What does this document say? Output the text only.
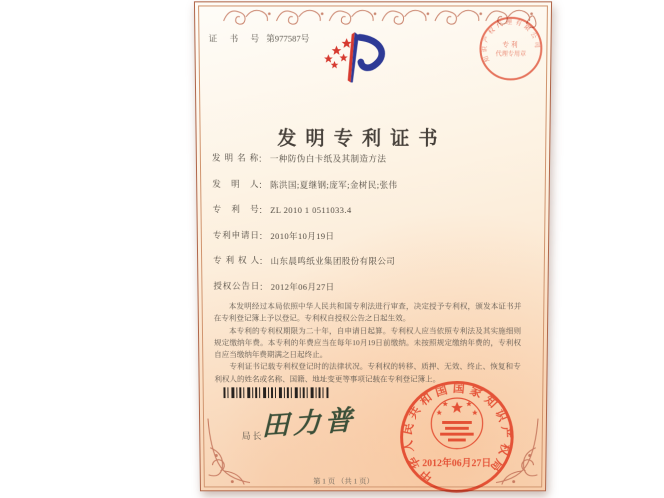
证 书 号 第977587号
发明专利证书
发明名称： 一种防伪白卡纸及其制造方法
发明人： 陈洪国;夏继钢;庞军;金树民;张伟
专利号： ZL 2010 1 0511033.4
专利申请日： 2010年10月19日
专利权人： 山东晨鸣纸业集团股份有限公司
授权公告日： 2012年06月27日

本发明经过本局依照中华人民共和国专利法进行审查，决定授予专利权，颁发本证书并在专利登记簿上予以登记。专利权自授权公告之日起生效。

本专利的专利权期限为二十年，自申请日起算。专利权人应当依照专利法及其实施细则规定缴纳年费。本专利的年费应当在每年10月19日前缴纳。未按照规定缴纳年费的，专利权自应当缴纳年费期满之日起终止。

专利证书记载专利权登记时的法律状况。专利权的转移、质押、无效、终止、恢复和专利权人的姓名或名称、国籍、地址变更等事项记载在专利登记簿上。

局长
田力普
中华人民共和国国家知识产权局
2012年06月27日
知识产权代理有限公司
专利
代理专用章
第 1 页 （共 1 页）
